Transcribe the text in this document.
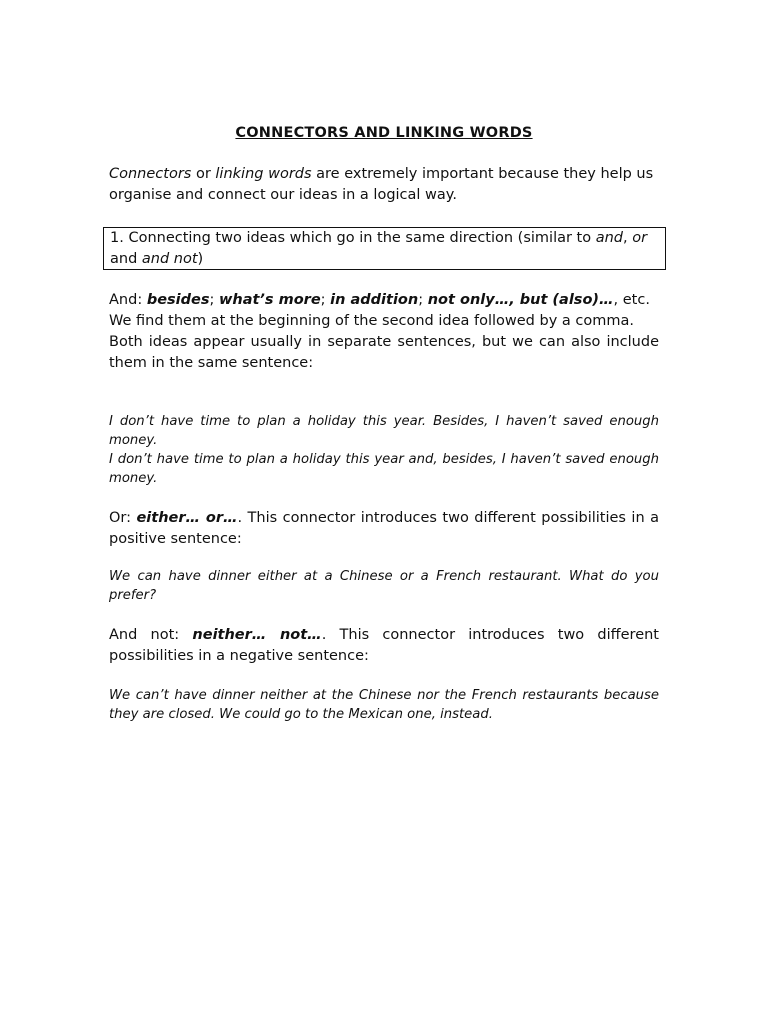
CONNECTORS AND LINKING WORDS
Connectors or linking words are extremely important because they help us organise and connect our ideas in a logical way.
1. Connecting two ideas which go in the same direction (similar to and, or and and not)
And: besides; what’s more; in addition; not only…, but (also)…, etc.
We find them at the beginning of the second idea followed by a comma.
Both ideas appear usually in separate sentences, but we can also include them in the same sentence:
I don’t have time to plan a holiday this year. Besides, I haven’t saved enough money.
I don’t have time to plan a holiday this year and, besides, I haven’t saved enough money.
Or: either… or…. This connector introduces two different possibilities in a positive sentence:
We can have dinner either at a Chinese or a French restaurant. What do you prefer?
And not: neither… not…. This connector introduces two different possibilities in a negative sentence:
We can’t have dinner neither at the Chinese nor the French restaurants because they are closed. We could go to the Mexican one, instead.
